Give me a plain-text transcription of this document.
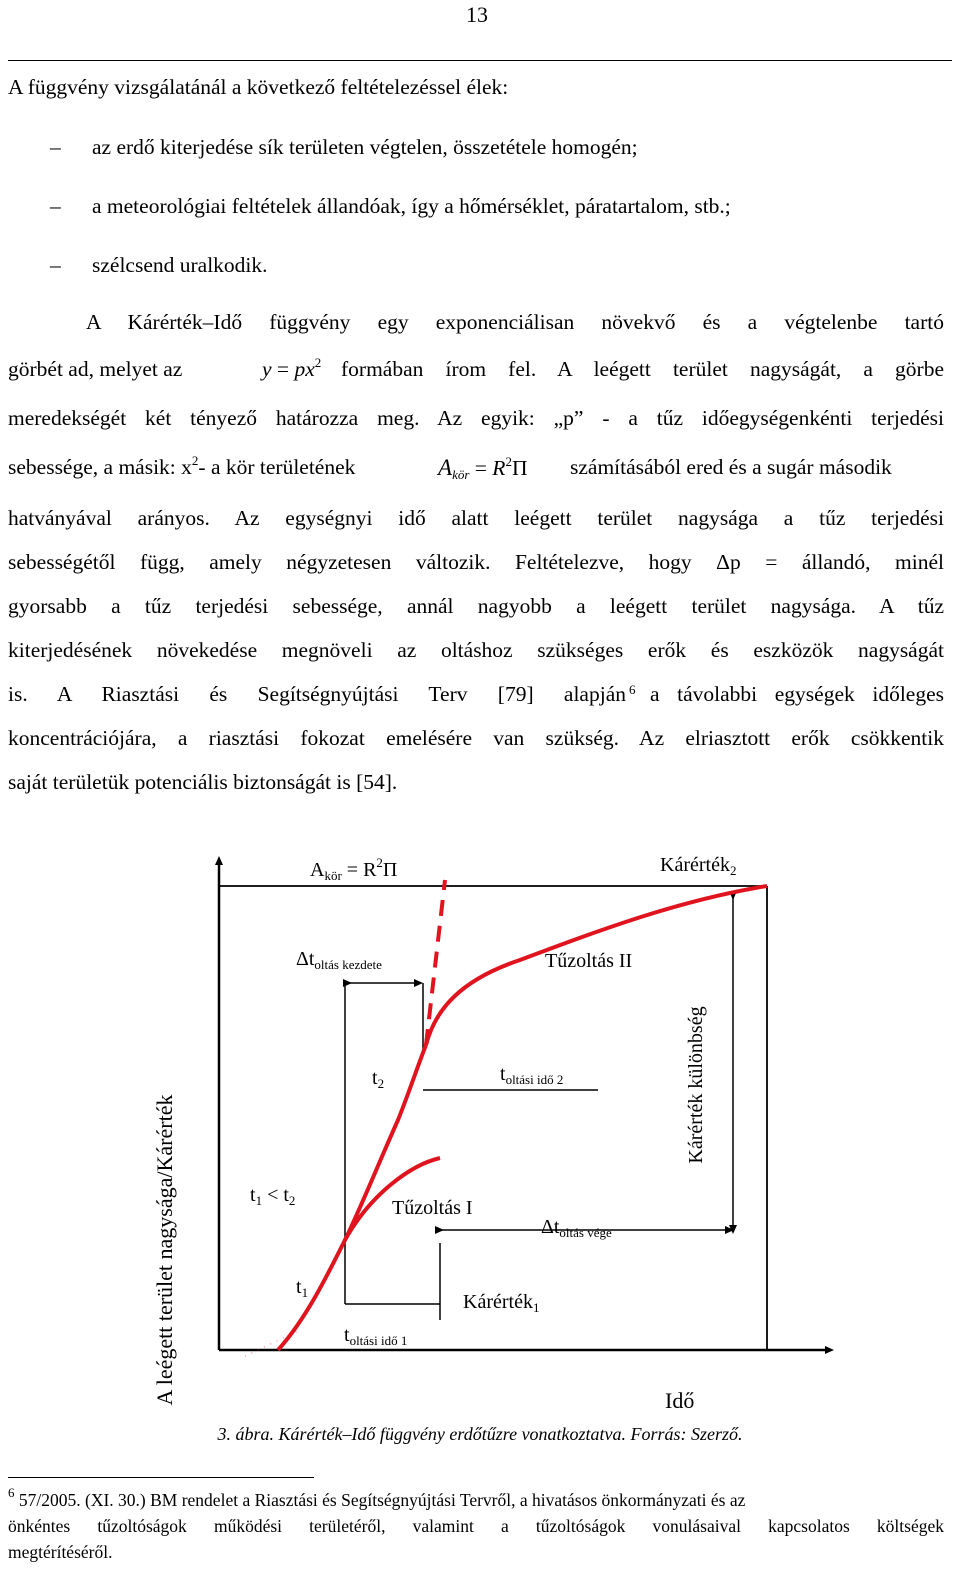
13
A függvény vizsgálatánál a következő feltételezéssel élek:
– az erdő kiterjedése sík területen végtelen, összetétele homogén;
– a meteorológiai feltételek állandóak, így a hőmérséklet, páratartalom, stb.;
– szélcsend uralkodik.
A Kárérték–Idő függvény egy exponenciálisan növekvő és a végtelenbe tartó
görbét ad, melyet az	$y = px^2$ formában írom fel. A leégett terület nagyságát, a görbe
meredekségét két tényező határozza meg. Az egyik: „p” - a tűz időegységenkénti terjedési
sebessége, a másik: $x^2-$ a kör területének	$A_{kör} = R^2\Pi$ számításából ered és a sugár második
hatványával arányos. Az egységnyi idő alatt leégett terület nagysága a tűz terjedési
sebességétől függ, amely négyzetesen változik. Feltételezve, hogy Δp = állandó, minél
gyorsabb a tűz terjedési sebessége, annál nagyobb a leégett terület nagysága. A tűz
kiterjedésének növekedése megnöveli az oltáshoz szükséges erők és eszközök nagyságát
is. A Riasztási és Segítségnyújtási Terv [79] alapján 6 a távolabbi egységek időleges
koncentrációjára, a riasztási fokozat emelésére van szükség. Az elriasztott erők csökkentik
saját területük potenciális biztonságát is [54].
A leégett terület nagysága/Kárérték	Idő
$A_{kör} = R^2\Pi$	Kárérték$_2$
$\Delta t_{oltás kezdete}$	Tűzoltás II
$t_2$	$t_{oltási idő 2}$	Kárérték különbség
$t_1 < t_2$	Tűzoltás I
$\Delta t_{oltás vége}$
$t_1$	Kárérték$_1$
$t_{oltási idő 1}$
3. ábra. Kárérték–Idő függvény erdőtűzre vonatkoztatva. Forrás: Szerző.
$^6$ 57/2005. (XI. 30.) BM rendelet a Riasztási és Segítségnyújtási Tervről, a hivatásos önkormányzati és az
önkéntes tűzoltóságok működési területéről, valamint a tűzoltóságok vonulásaival kapcsolatos költségek
megtérítéséről.
